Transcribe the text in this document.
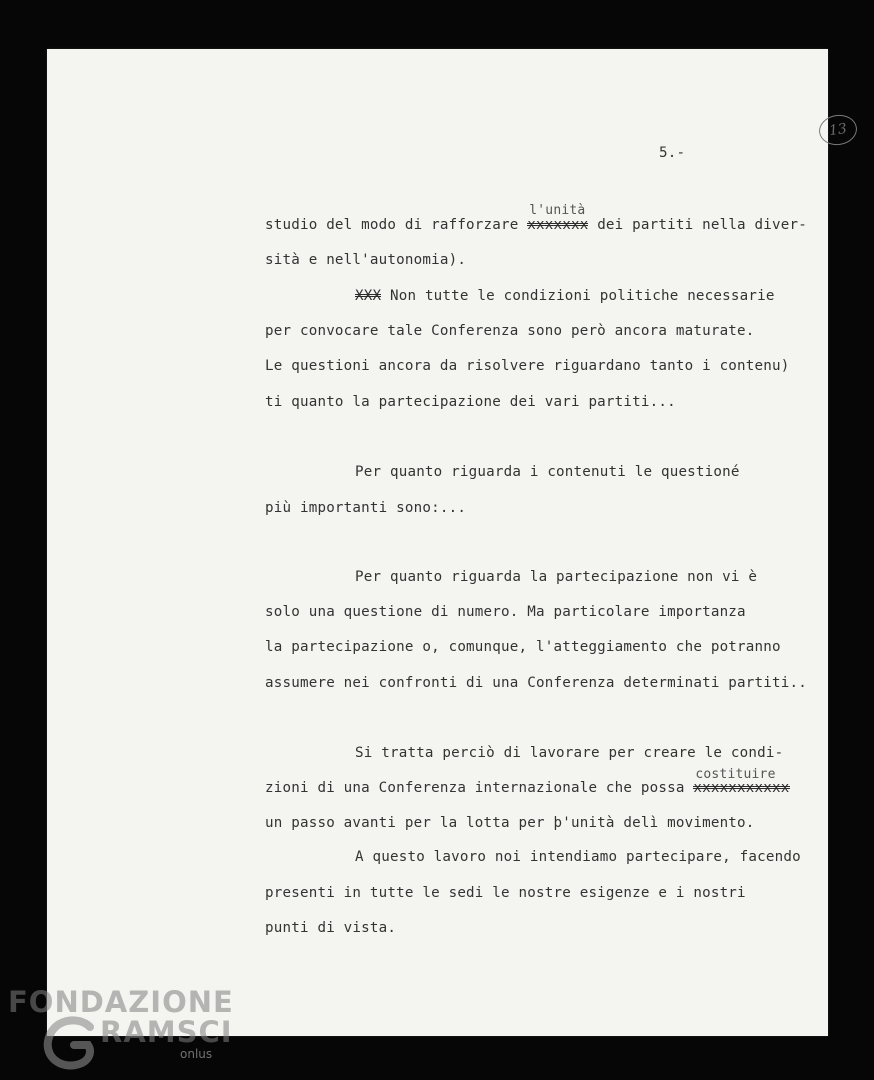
13
5.-
studio del modo di rafforzare xxxxxxx
l'unità
dei partiti nella diver-
sità e nell'autonomia).
XXX Non tutte le condizioni politiche necessarie
per convocare tale Conferenza sono però ancora maturate.
Le questioni ancora da risolvere riguardano tanto i contenu)
ti quanto la partecipazione dei vari partiti...
Per quanto riguarda i contenuti le questioné
più importanti sono:...
Per quanto riguarda la partecipazione non vi è
solo una questione di numero. Ma particolare importanza
la partecipazione o, comunque, l'atteggiamento che potranno
assumere nei confronti di una Conferenza determinati partiti..
Si tratta perciò di lavorare per creare le condi-
zioni di una Conferenza internazionale che possa xxxxxxxxxxx
costituire
un passo avanti per la lotta per þ'unità delì movimento.
A questo lavoro noi intendiamo partecipare, facendo
presenti in tutte le sedi le nostre esigenze e i nostri
punti di vista.
FONDAZIONE
RAMSCI
onlus
